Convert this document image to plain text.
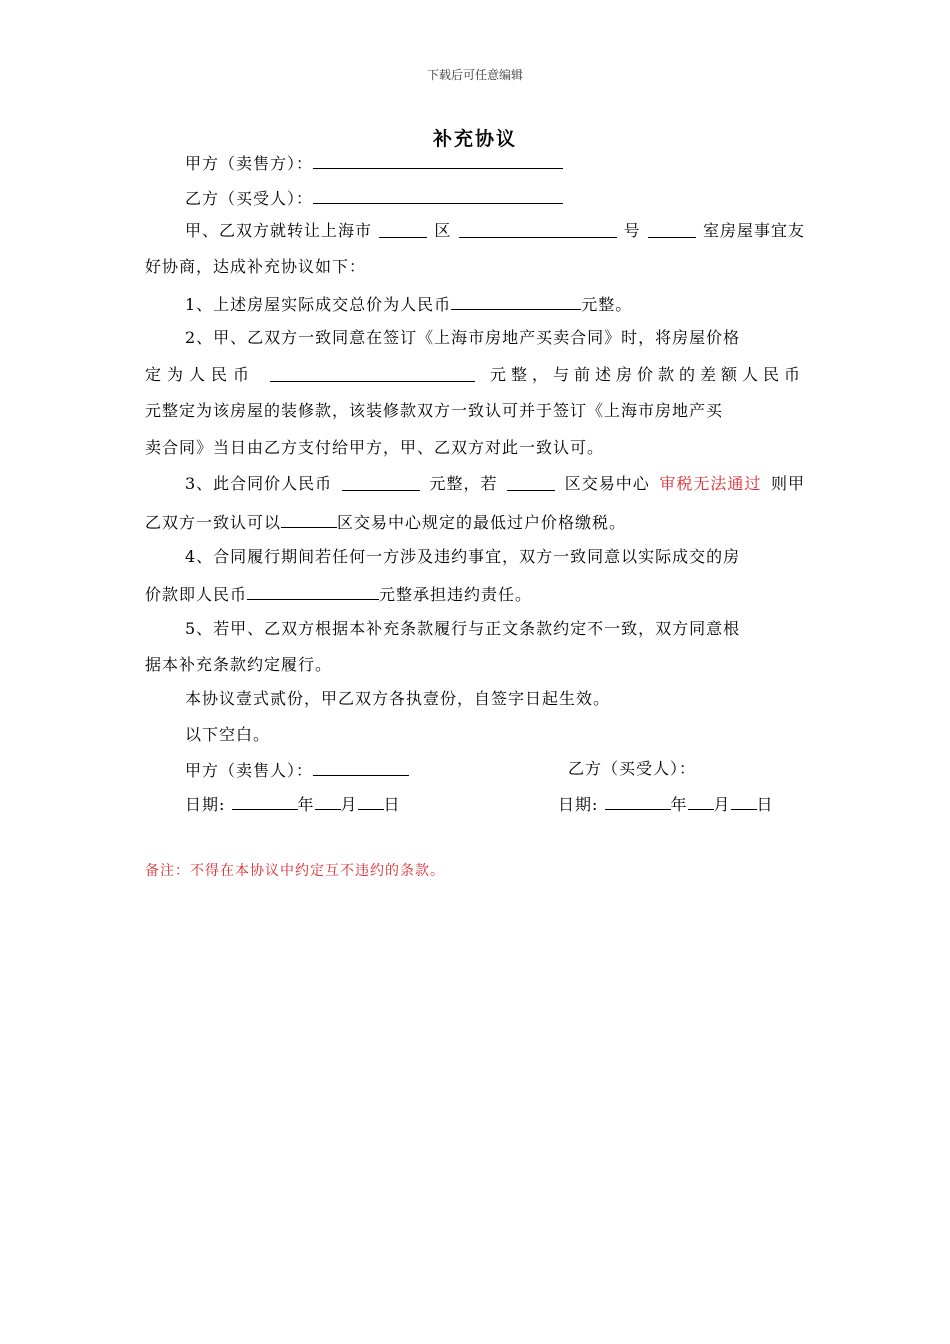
下载后可任意编辑
补充协议
甲方（卖售方）：
乙方（买受人）：
甲、乙双方就转让上海市	区	号	室房屋事宜友
好协商，达成补充协议如下：
1、上述房屋实际成交总价为人民币	元整。
2、甲、乙双方一致同意在签订《上海市房地产买卖合同》时，将房屋价格
定为人民币	元整，与前述房价款的差额人民币
元整定为该房屋的装修款，该装修款双方一致认可并于签订《上海市房地产买
卖合同》当日由乙方支付给甲方，甲、乙双方对此一致认可。
3、此合同价人民币	元整，若	区交易中心 审税无法通过 则甲
乙双方一致认可以	区交易中心规定的最低过户价格缴税。
4、合同履行期间若任何一方涉及违约事宜，双方一致同意以实际成交的房
价款即人民币	元整承担违约责任。
5、若甲、乙双方根据本补充条款履行与正文条款约定不一致，双方同意根
据本补充条款约定履行。
本协议壹式贰份，甲乙双方各执壹份，自签字日起生效。
以下空白。
甲方（卖售人）：	乙方（买受人）：
日期:	年 月 日	日期:	年 月 日
备注：不得在本协议中约定互不违约的条款。
